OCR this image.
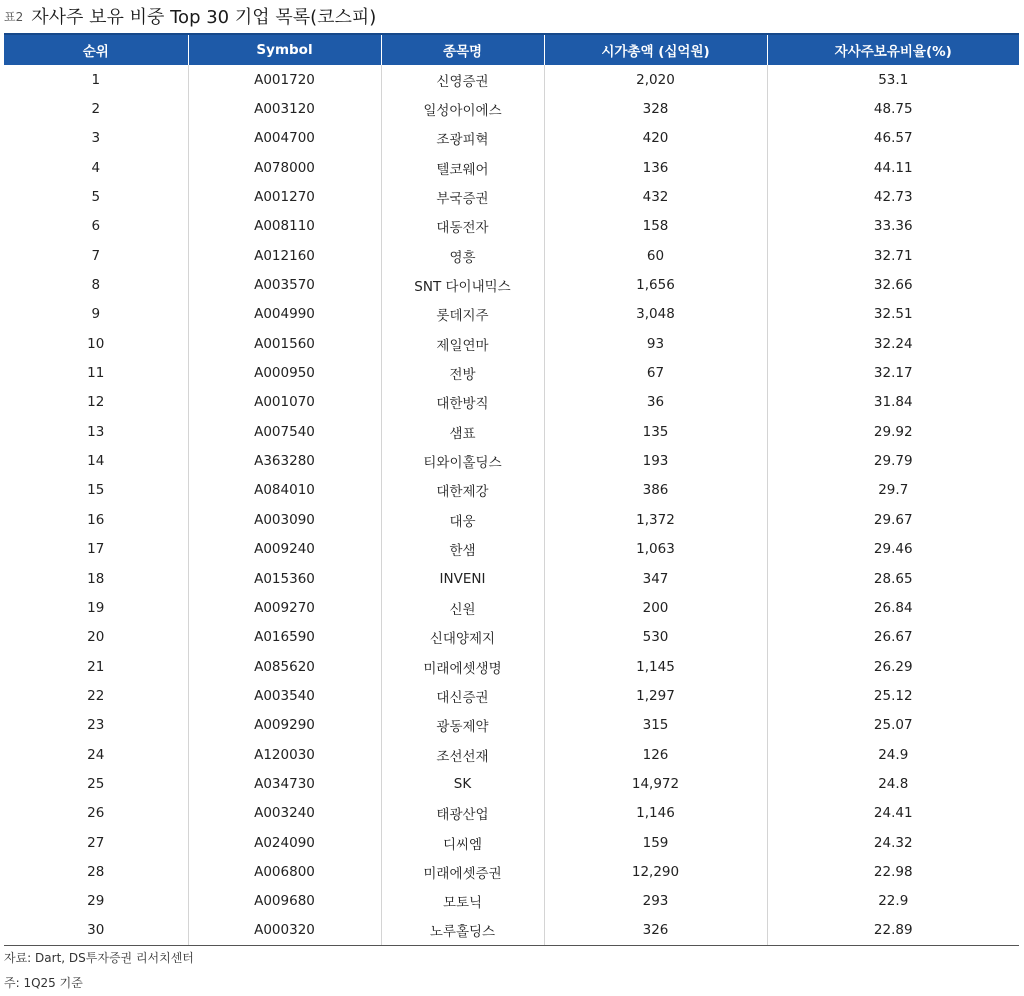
표2 자사주 보유 비중 Top 30 기업 목록(코스피)
순위	Symbol	종목명	시가총액 (십억원)	자사주보유비율(%)
1	A001720	신영증권	2,020	53.1
2	A003120	일성아이에스	328	48.75
3	A004700	조광피혁	420	46.57
4	A078000	텔코웨어	136	44.11
5	A001270	부국증권	432	42.73
6	A008110	대동전자	158	33.36
7	A012160	영흥	60	32.71
8	A003570	SNT 다이내믹스	1,656	32.66
9	A004990	롯데지주	3,048	32.51
10	A001560	제일연마	93	32.24
11	A000950	전방	67	32.17
12	A001070	대한방직	36	31.84
13	A007540	샘표	135	29.92
14	A363280	티와이홀딩스	193	29.79
15	A084010	대한제강	386	29.7
16	A003090	대웅	1,372	29.67
17	A009240	한샘	1,063	29.46
18	A015360	INVENI	347	28.65
19	A009270	신원	200	26.84
20	A016590	신대양제지	530	26.67
21	A085620	미래에셋생명	1,145	26.29
22	A003540	대신증권	1,297	25.12
23	A009290	광동제약	315	25.07
24	A120030	조선선재	126	24.9
25	A034730	SK	14,972	24.8
26	A003240	태광산업	1,146	24.41
27	A024090	디씨엠	159	24.32
28	A006800	미래에셋증권	12,290	22.98
29	A009680	모토닉	293	22.9
30	A000320	노루홀딩스	326	22.89
자료: Dart, DS투자증권 리서치센터
주: 1Q25 기준
